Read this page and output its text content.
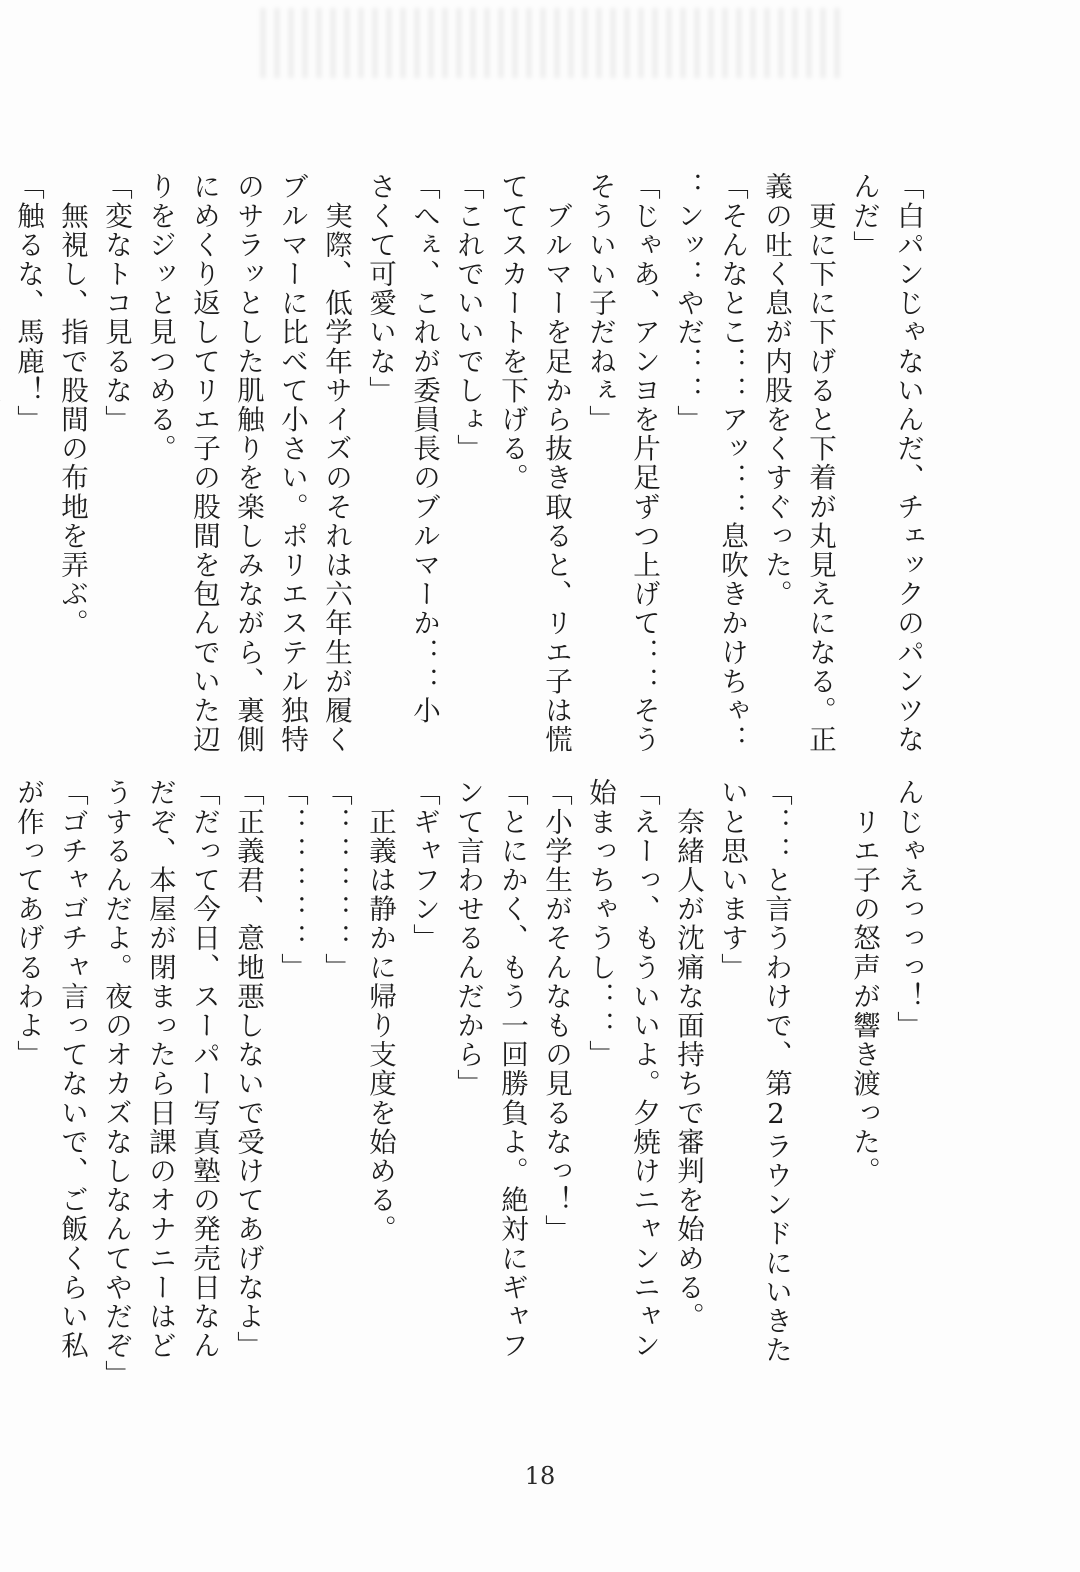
「白パンじゃないんだ、チェックのパンツな
んだ」
　更に下に下げると下着が丸見えになる。正
義の吐く息が内股をくすぐった。
「そんなとこ：：アッ：：息吹きかけちゃ：
：ンッ：やだ：：」
「じゃあ、アンヨを片足ずつ上げて：：そう
そういい子だねぇ」
　ブルマーを足から抜き取ると、リエ子は慌
ててスカートを下げる。
「これでいいでしょ」
「へぇ、これが委員長のブルマーか：：小
さくて可愛いな」
　実際、低学年サイズのそれは六年生が履く
ブルマーに比べて小さい。ポリエステル独特
のサラッとした肌触りを楽しみながら、裏側
にめくり返してリエ子の股間を包んでいた辺
りをジッと見つめる。
「変なトコ見るな」
　無視し、指で股間の布地を弄ぶ。
「触るな、馬鹿！」
んじゃえっっっ！」
　リエ子の怒声が響き渡った。

「：：と言うわけで、第2ラウンドにいきた
いと思います」
　奈緒人が沈痛な面持ちで審判を始める。
「えーっ、もういいよ。夕焼けニャンニャン
始まっちゃうし：：」
「小学生がそんなもの見るなっ！」
「とにかく、もう一回勝負よ。絶対にギャフ
ンて言わせるんだから」
「ギャフン」
　正義は静かに帰り支度を始める。
「：：：：：」
「：：：：：」
「正義君、意地悪しないで受けてあげなよ」
「だって今日、スーパー写真塾の発売日なん
だぞ、本屋が閉まったら日課のオナニーはど
うするんだよ。夜のオカズなしなんてやだぞ」
「ゴチャゴチャ言ってないで、ご飯くらい私
が作ってあげるわよ」
18
